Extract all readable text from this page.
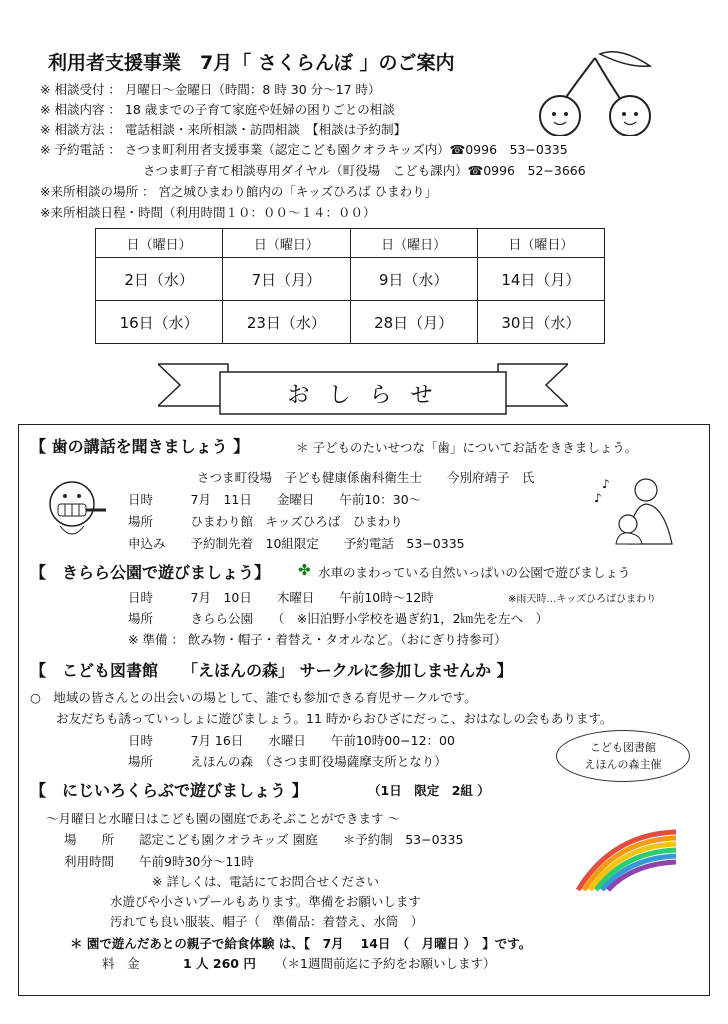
利用者支援事業　7月「 さくらんぼ 」のご案内
※ 相談受付 ： 月曜日～金曜日（時間：8 時 30 分～17 時）
※ 相談内容 ： 18 歳までの子育て家庭や妊婦の困りごとの相談
※ 相談方法 ： 電話相談・来所相談・訪問相談　【相談は予約制】
※ 予約電話 ： さつま町利用者支援事業（認定こども園クオラキッズ内）☎0996　53−0335
さつま町子育て相談専用ダイヤル（町役場　こども課内）☎0996　52−3666
※来所相談の場所 ： 宮之城ひまわり館内の「キッズひろば ひまわり」
※来所相談日程・時間（利用時間１０：００～１４：００）
日（曜日）	日（曜日）	日（曜日）	日（曜日）
2日（水）	7日（月）	9日（水）	14日（月）
16日（水）	23日（水）	28日（月）	30日（水）
お し ら せ
【 歯の講話を聞きましょう 】	＊ 子どものたいせつな「歯」についてお話をききましょう。
さつま町役場　子ども健康係歯科衛生士　　今別府靖子　氏
日時　　　7月　11日　　金曜日　　午前10：30～
場所　　　ひまわり館　キッズひろば　ひまわり
申込み　　予約制先着　10組限定　　予約電話　53−0335
♪
♪
【　きらら公園で遊びましょう】 ✤ 水車のまわっている自然いっぱいの公園で遊びましょう
日時　　　7月　10日　　木曜日　　午前10時～12時	※雨天時…キッズひろばひまわり
場所　　　きらら公園　　（　※旧泊野小学校を過ぎ約1，2㎞先を左へ　）
※ 準備 ： 飲み物・帽子・着替え・タオルなど。（おにぎり持参可）
【　こども図書館　　「えほんの森」 サークルに参加しませんか 】
○　地域の皆さんとの出会いの場として、誰でも参加できる育児サークルです。
お友だちも誘っていっしょに遊びましょう。11 時からおひざにだっこ、おはなしの会もあります。
日時　　　7月 16日　　水曜日　　午前10時00−12：00
場所　　　えほんの森　（さつま町役場薩摩支所となり）
こども図書館
えほんの森主催
【　にじいろくらぶで遊びましょう 】	（1日　限定　2組 ）
～月曜日と水曜日はこども園の園庭であそぶことができます ～
場　　所　　認定こども園クオラキッズ 園庭　　＊予約制　53−0335
利用時間　　午前9時30分～11時
※ 詳しくは、電話にてお問合せください
水遊びや小さいプールもあります。準備をお願いします
汚れても良い服装、帽子（　準備品：着替え、水筒　）
＊ 園で遊んだあとの親子で給食体験 は、【　7月　 14日　（　月曜日 ）　】です。
料　金	1 人 260 円 （＊1週間前迄に予約をお願いします）
